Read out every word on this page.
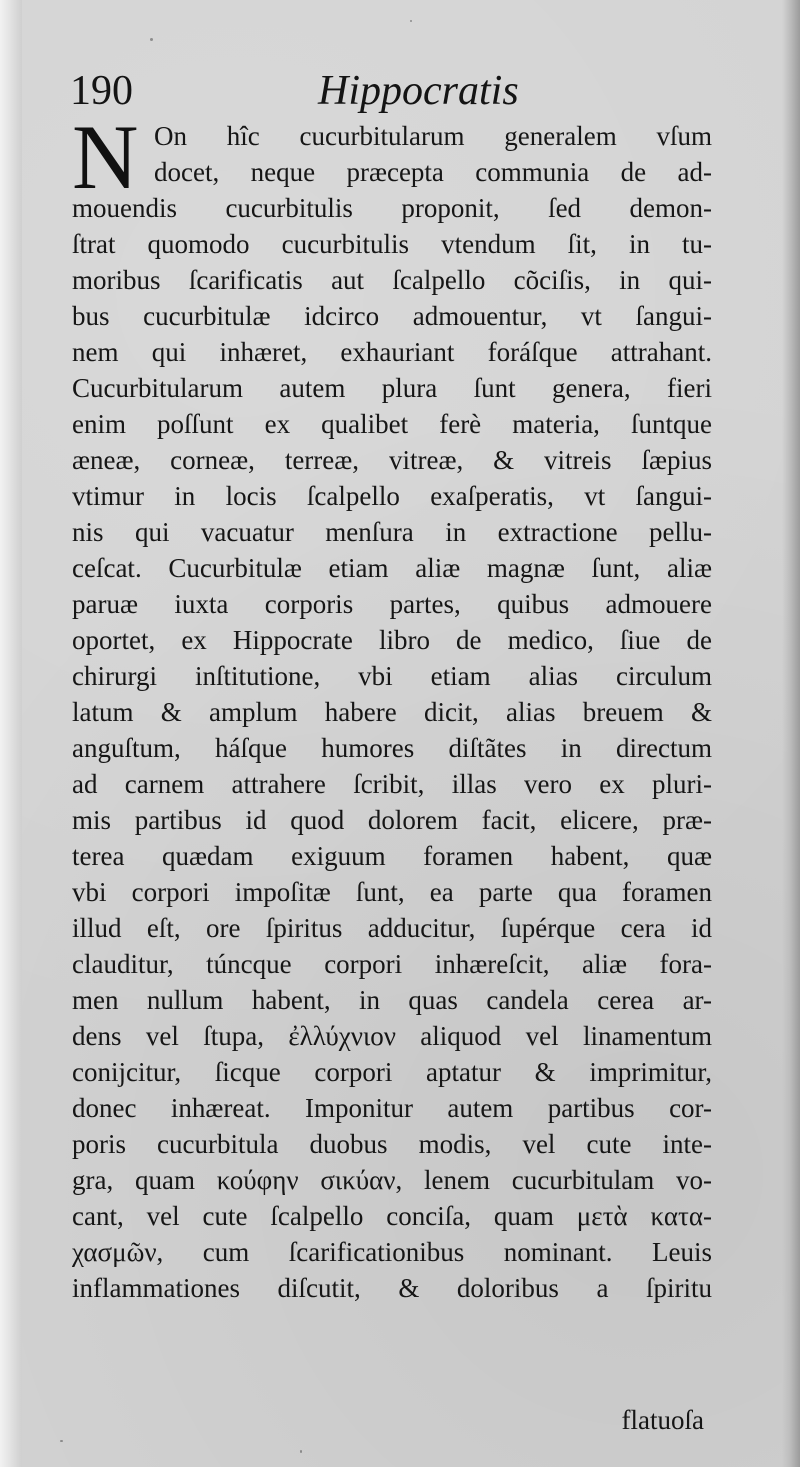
190	Hippocratis
N On hîc cucurbitularum generalem vſum
docet, neque præcepta communia de ad-
mouendis cucurbitulis proponit, ſed demon-
ſtrat quomodo cucurbitulis vtendum ſit, in tu-
moribus ſcarificatis aut ſcalpello cõciſis, in qui-
bus cucurbitulæ idcirco admouentur, vt ſangui-
nem qui inhæret, exhauriant foráſque attrahant.
Cucurbitularum autem plura ſunt genera, fieri
enim poſſunt ex qualibet ferè materia, ſuntque
æneæ, corneæ, terreæ, vitreæ, & vitreis ſæpius
vtimur in locis ſcalpello exaſperatis, vt ſangui-
nis qui vacuatur menſura in extractione pellu-
ceſcat. Cucurbitulæ etiam aliæ magnæ ſunt, aliæ
paruæ iuxta corporis partes, quibus admouere
oportet, ex Hippocrate libro de medico, ſiue de
chirurgi inſtitutione, vbi etiam alias circulum
latum & amplum habere dicit, alias breuem &
anguſtum, háſque humores diſtãtes in directum
ad carnem attrahere ſcribit, illas vero ex pluri-
mis partibus id quod dolorem facit, elicere, præ-
terea quædam exiguum foramen habent, quæ
vbi corpori impoſitæ ſunt, ea parte qua foramen
illud eſt, ore ſpiritus adducitur, ſupérque cera id
clauditur, túncque corpori inhæreſcit, aliæ fora-
men nullum habent, in quas candela cerea ar-
dens vel ſtupa, ἐλλύχνιον aliquod vel linamentum
conijcitur, ſicque corpori aptatur & imprimitur,
donec inhæreat. Imponitur autem partibus cor-
poris cucurbitula duobus modis, vel cute inte-
gra, quam κούφην σικύαν, lenem cucurbitulam vo-
cant, vel cute ſcalpello conciſa, quam μετὰ κατα-
χασμῶν, cum ſcarificationibus nominant. Leuis
inflammationes diſcutit, & doloribus a ſpiritu
flatuoſa
